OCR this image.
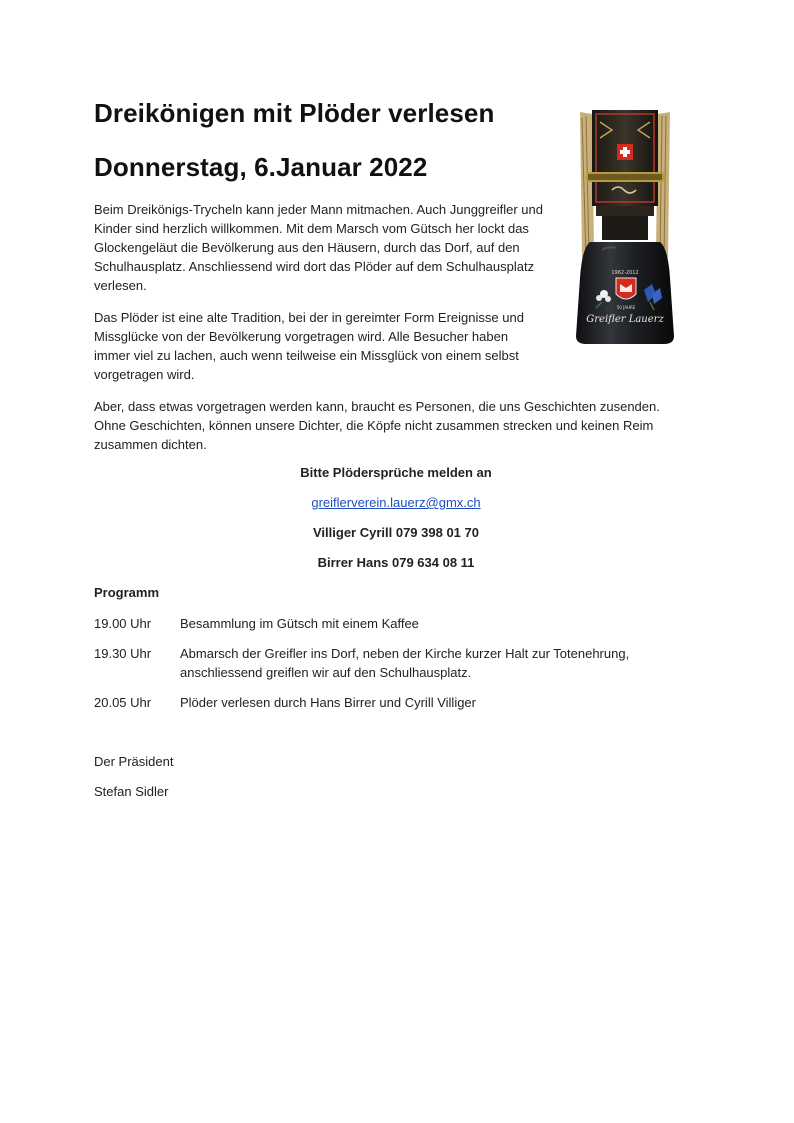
Dreikönigen mit Plöder verlesen
Donnerstag, 6.Januar 2022

Beim Dreikönigs-Trycheln kann jeder Mann mitmachen. Auch Junggreifler und Kinder sind herzlich willkommen. Mit dem Marsch vom Gütsch her lockt das Glockengeläut die Bevölkerung aus den Häusern, durch das Dorf, auf den Schulhausplatz. Anschliessend wird dort das Plöder auf dem Schulhausplatz verlesen.

Das Plöder ist eine alte Tradition, bei der in gereimter Form Ereignisse und Missglücke von der Bevölkerung vorgetragen wird. Alle Besucher haben immer viel zu lachen, auch wenn teilweise ein Missglück von einem selbst vorgetragen wird.

Aber, dass etwas vorgetragen werden kann, braucht es Personen, die uns Geschichten zusenden. Ohne Geschichten, können unsere Dichter, die Köpfe nicht zusammen strecken und keinen Reim zusammen dichten.

Bitte Plödersprüche melden an

greiflerverein.lauerz@gmx.ch

Villiger Cyrill 079 398 01 70

Birrer Hans 079 634 08 11

Programm

19.00 Uhr	Besammlung im Gütsch mit einem Kaffee
19.30 Uhr	Abmarsch der Greifler ins Dorf, neben der Kirche kurzer Halt zur Totenehrung, anschliessend greiflen wir auf den Schulhausplatz.
20.05 Uhr	Plöder verlesen durch Hans Birrer und Cyrill Villiger

Der Präsident

Stefan Sidler

1962-2012
50 JAHRE
Greifler Lauerz
